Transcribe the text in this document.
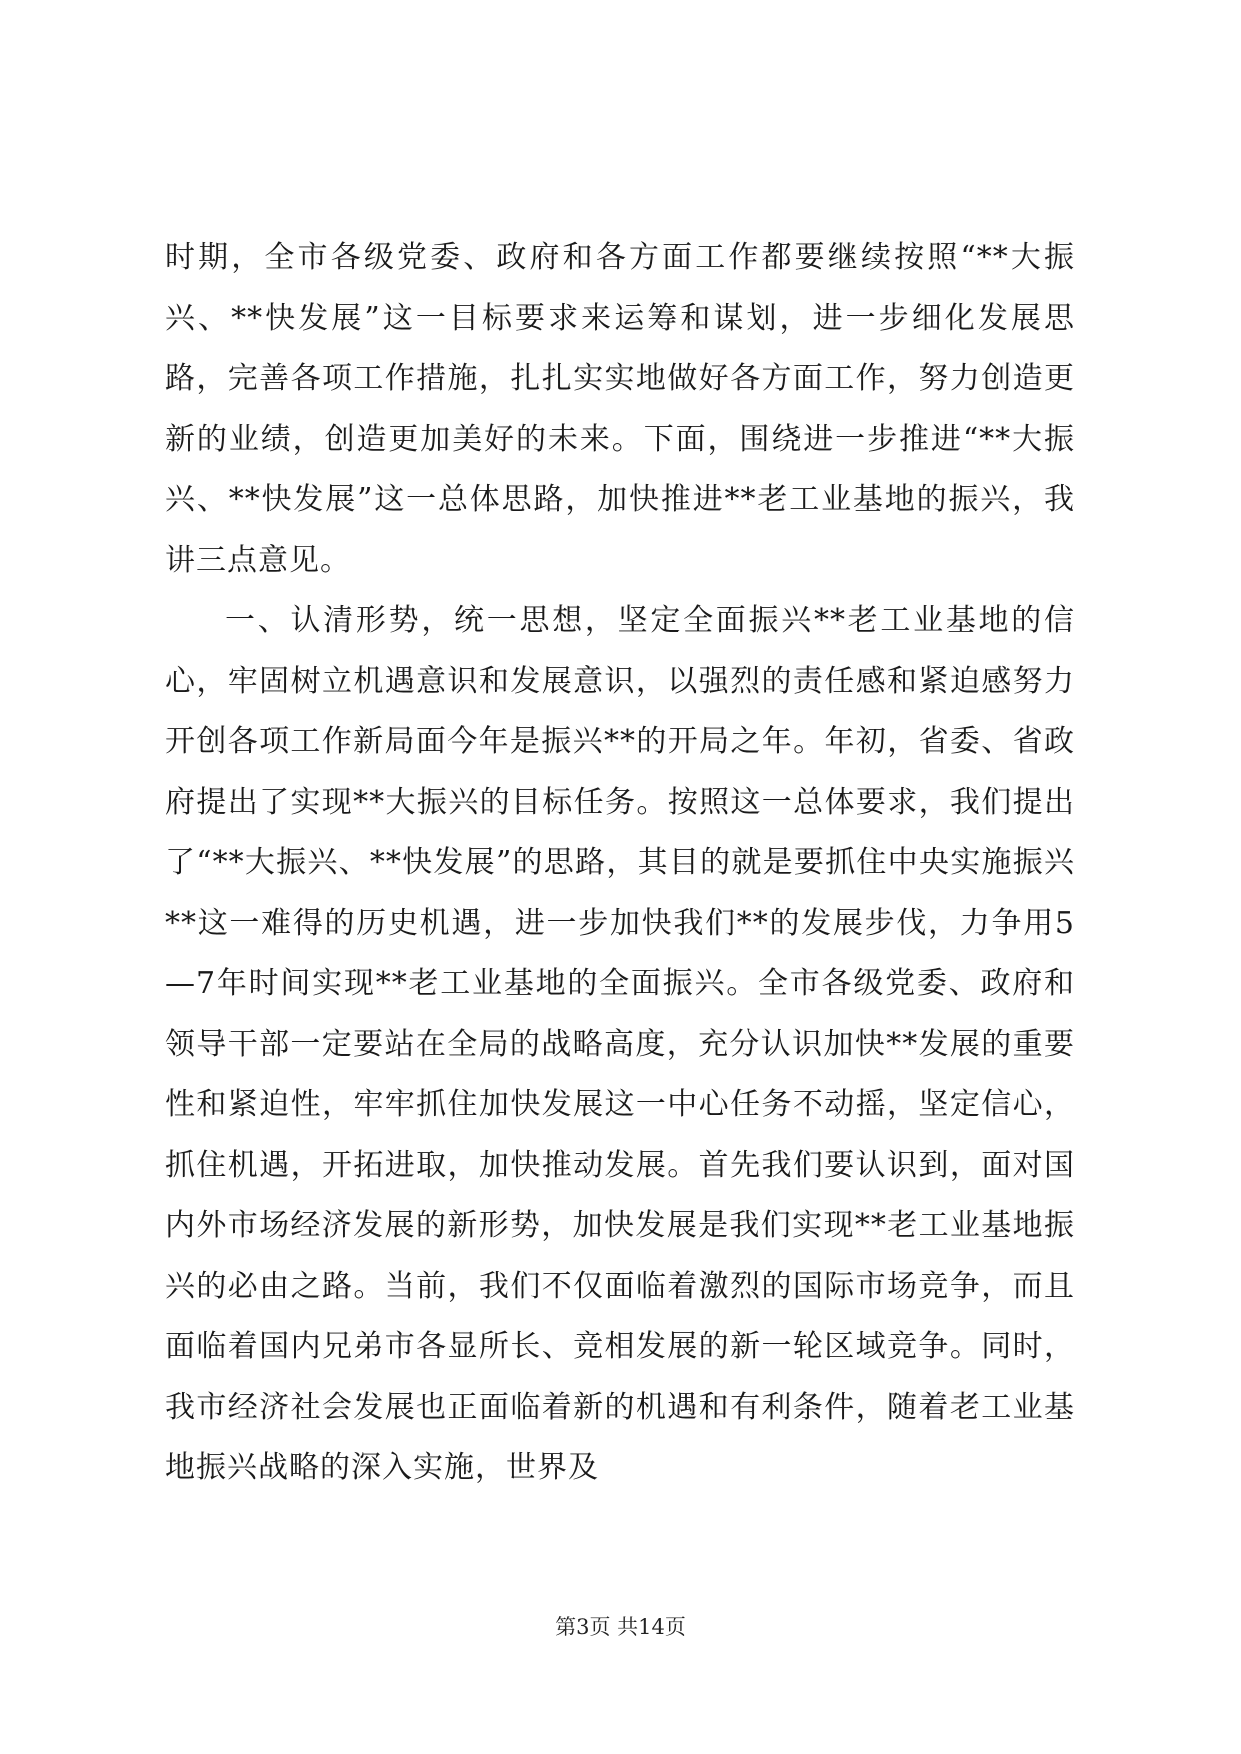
时期，全市各级党委、政府和各方面工作都要继续按照“**大振兴、**快发展”这一目标要求来运筹和谋划，进一步细化发展思路，完善各项工作措施，扎扎实实地做好各方面工作，努力创造更新的业绩，创造更加美好的未来。下面，围绕进一步推进“**大振兴、**快发展”这一总体思路，加快推进**老工业基地的振兴，我讲三点意见。

一、认清形势，统一思想，坚定全面振兴**老工业基地的信心，牢固树立机遇意识和发展意识，以强烈的责任感和紧迫感努力开创各项工作新局面今年是振兴**的开局之年。年初，省委、省政府提出了实现**大振兴的目标任务。按照这一总体要求，我们提出了“**大振兴、**快发展”的思路，其目的就是要抓住中央实施振兴**这一难得的历史机遇，进一步加快我们**的发展步伐，力争用5—7年时间实现**老工业基地的全面振兴。全市各级党委、政府和领导干部一定要站在全局的战略高度，充分认识加快**发展的重要性和紧迫性，牢牢抓住加快发展这一中心任务不动摇，坚定信心，抓住机遇，开拓进取，加快推动发展。首先我们要认识到，面对国内外市场经济发展的新形势，加快发展是我们实现**老工业基地振兴的必由之路。当前，我们不仅面临着激烈的国际市场竞争，而且面临着国内兄弟市各显所长、竞相发展的新一轮区域竞争。同时，我市经济社会发展也正面临着新的机遇和有利条件，随着老工业基地振兴战略的深入实施，世界及

第3页 共14页
